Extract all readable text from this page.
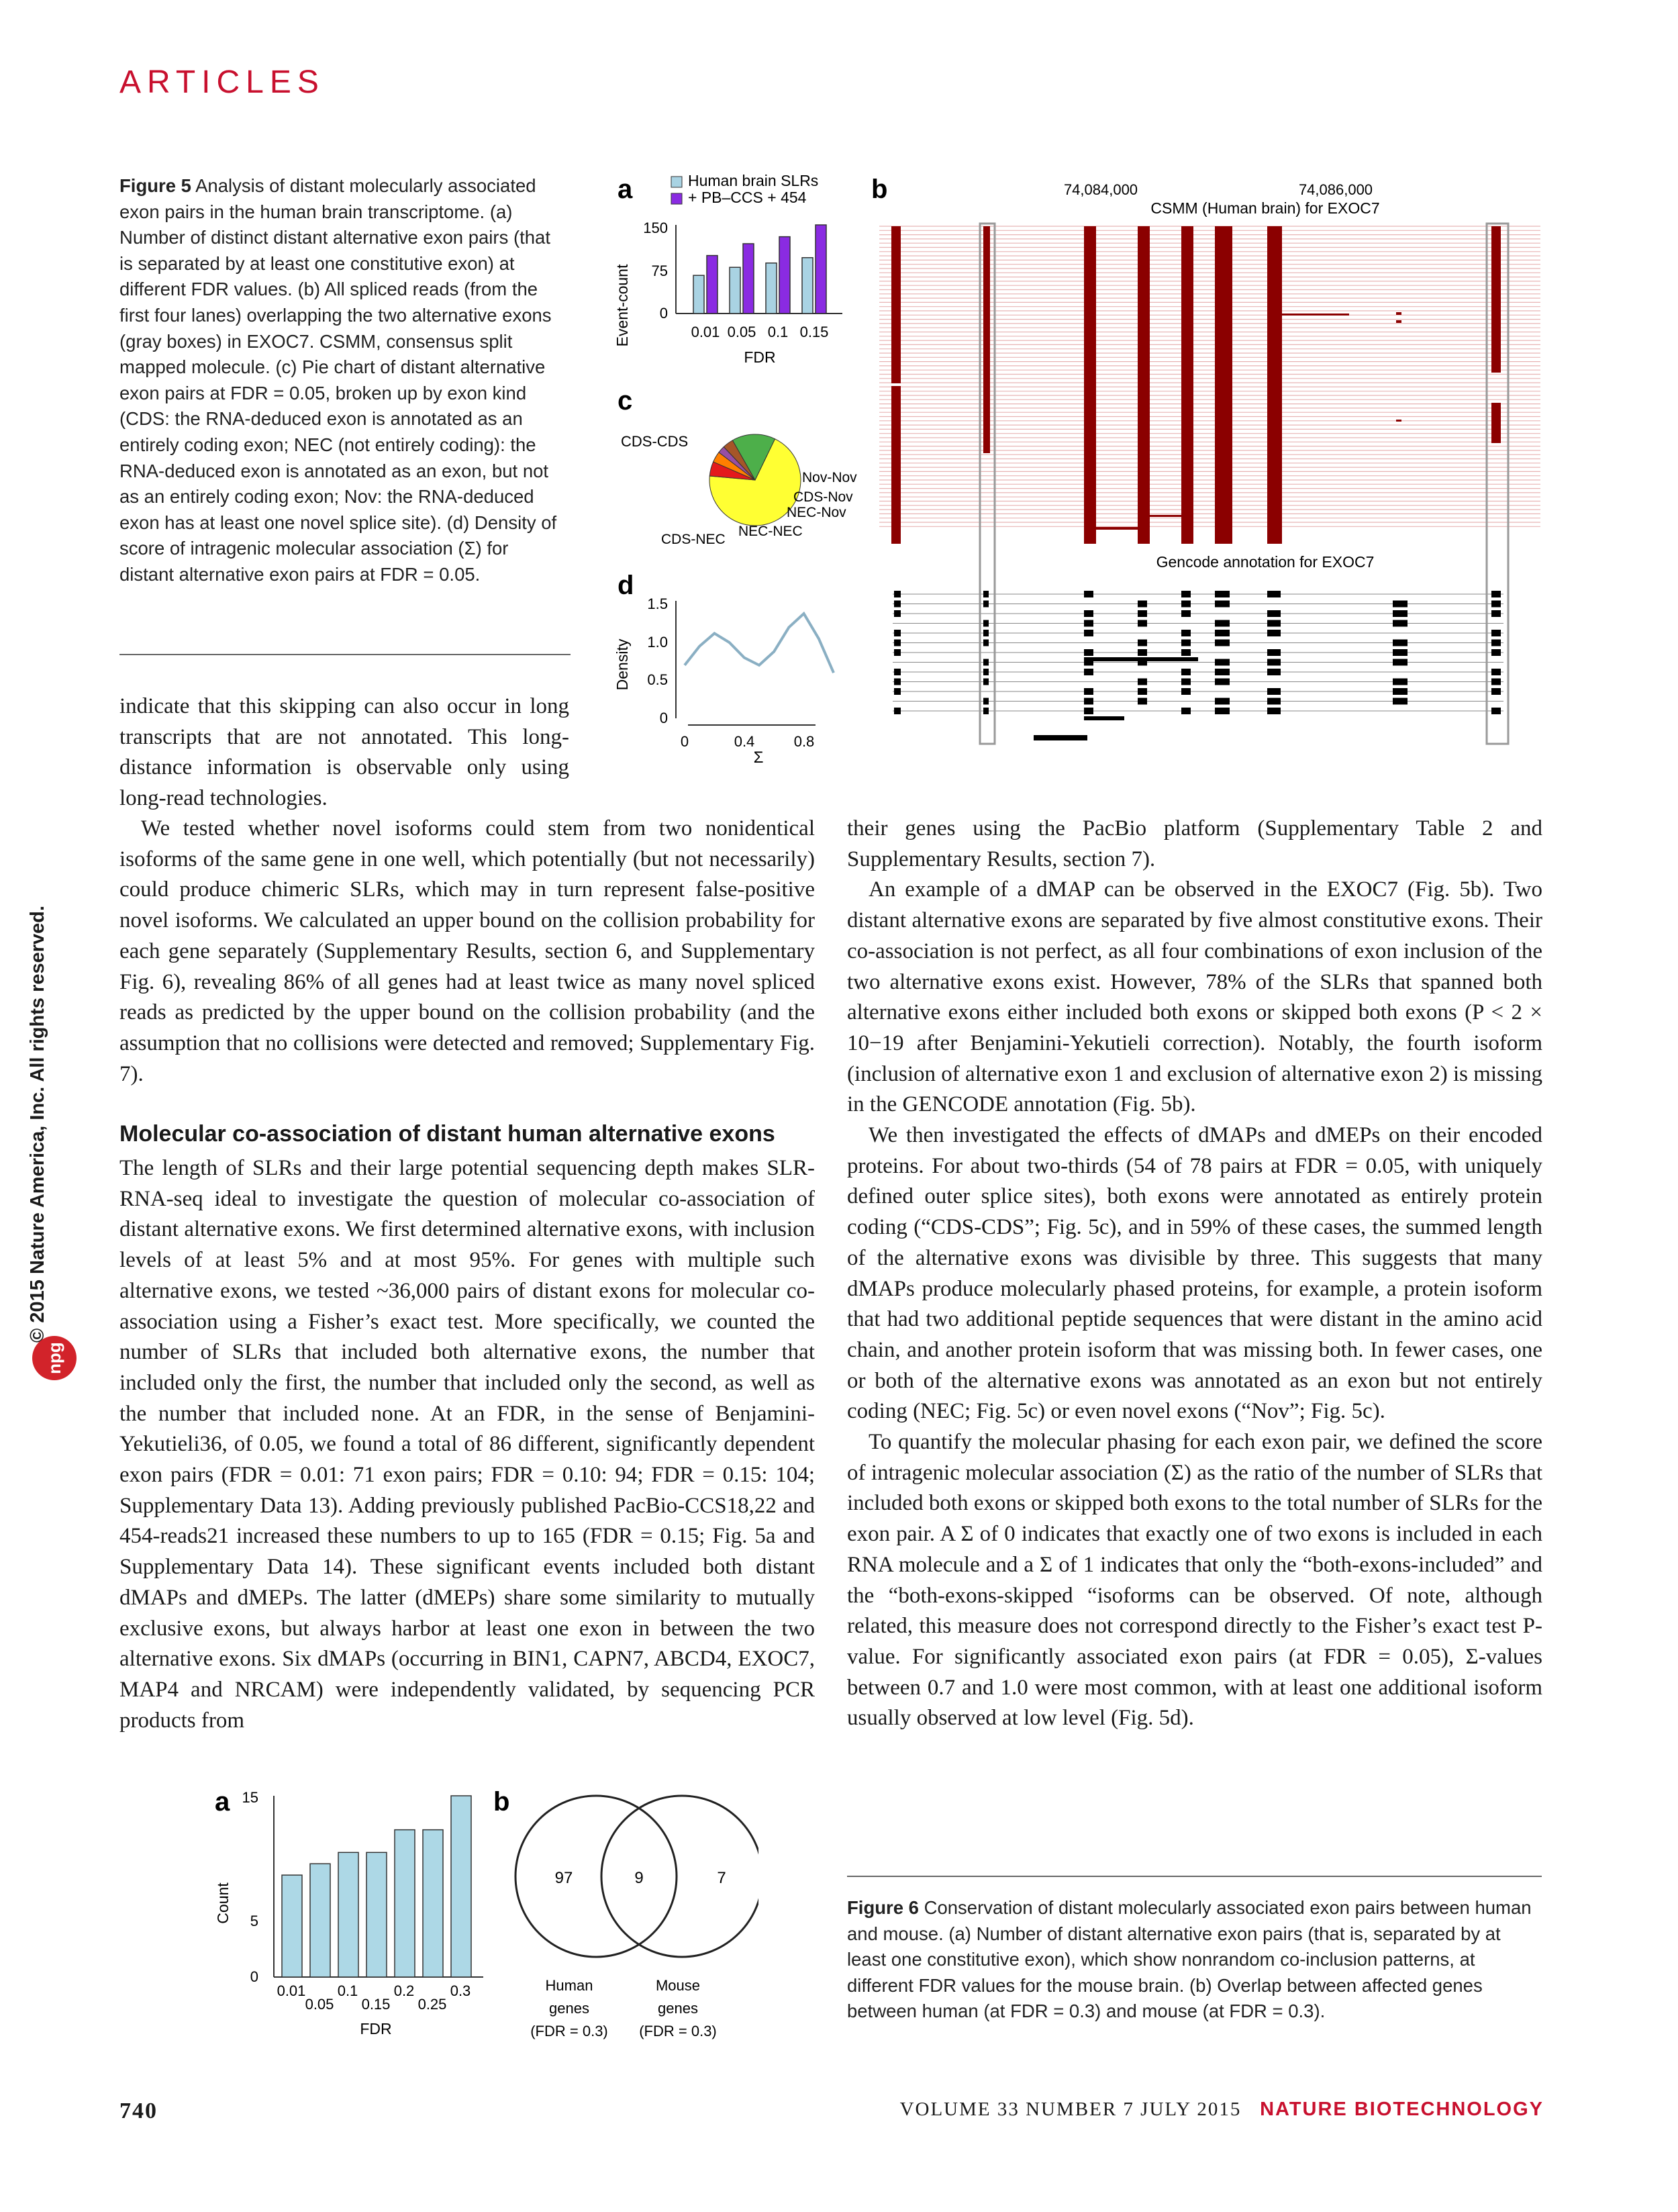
ARTICLES
© 2015 Nature America, Inc. All rights reserved.
npg
Figure 5 Analysis of distant molecularly associated exon pairs in the human brain transcriptome. (a) Number of distinct distant alternative exon pairs (that is separated by at least one constitutive exon) at different FDR values. (b) All spliced reads (from the first four lanes) overlapping the two alternative exons (gray boxes) in EXOC7. CSMM, consensus split mapped molecule. (c) Pie chart of distant alternative exon pairs at FDR = 0.05, broken up by exon kind (CDS: the RNA-deduced exon is annotated as an entirely coding exon; NEC (not entirely coding): the RNA-deduced exon is annotated as an exon, but not as an entirely coding exon; Nov: the RNA-deduced exon has at least one novel splice site). (d) Density of score of intragenic molecular association (Σ) for distant alternative exon pairs at FDR = 0.05.
a	Human brain SLRs
+ PB–CCS + 454
Event-count 0
75
150
0.01 0.05 0.1 0.15
FDR
c
CDS-CDS
Nov-Nov
CDS-Nov
NEC-Nov
NEC-NEC
CDS-NEC
d
Density
0
0.5
1.0
1.5
0	0.4	0.8
Σ
b	74,084,000	74,086,000
CSMM (Human brain) for EXOC7
Gencode annotation for EXOC7

indicate that this skipping can also occur in long transcripts that are not annotated. This long-distance information is observable only using long-read technologies.

We tested whether novel isoforms could stem from two nonidentical isoforms of the same gene in one well, which potentially (but not necessarily) could produce chimeric SLRs, which may in turn represent false-positive novel isoforms. We calculated an upper bound on the collision probability for each gene separately (Supplementary Results, section 6, and Supplementary Fig. 6), revealing 86% of all genes had at least twice as many novel spliced reads as predicted by the upper bound on the collision probability (and the assumption that no collisions were detected and removed; Supplementary Fig. 7).

Molecular co-association of distant human alternative exons

The length of SLRs and their large potential sequencing depth makes SLR-RNA-seq ideal to investigate the question of molecular co-association of distant alternative exons. We first determined alternative exons, with inclusion levels of at least 5% and at most 95%. For genes with multiple such alternative exons, we tested ~36,000 pairs of distant exons for molecular co-association using a Fisher’s exact test. More specifically, we counted the number of SLRs that included both alternative exons, the number that included only the first, the number that included only the second, as well as the number that included none. At an FDR, in the sense of Benjamini-Yekutieli36, of 0.05, we found a total of 86 different, significantly dependent exon pairs (FDR = 0.01: 71 exon pairs; FDR = 0.10: 94; FDR = 0.15: 104; Supplementary Data 13). Adding previously published PacBio-CCS18,22 and 454-reads21 increased these numbers to up to 165 (FDR = 0.15; Fig. 5a and Supplementary Data 14). These significant events included both distant dMAPs and dMEPs. The latter (dMEPs) share some similarity to mutually exclusive exons, but always harbor at least one exon in between the two alternative exons. Six dMAPs (occurring in BIN1, CAPN7, ABCD4, EXOC7, MAP4 and NRCAM) were independently validated, by sequencing PCR products from

their genes using the PacBio platform (Supplementary Table 2 and Supplementary Results, section 7).

An example of a dMAP can be observed in the EXOC7 (Fig. 5b). Two distant alternative exons are separated by five almost constitutive exons. Their co-association is not perfect, as all four combinations of exon inclusion of the two alternative exons exist. However, 78% of the SLRs that spanned both alternative exons either included both exons or skipped both exons (P < 2 × 10−19 after Benjamini-Yekutieli correction). Notably, the fourth isoform (inclusion of alternative exon 1 and exclusion of alternative exon 2) is missing in the GENCODE annotation (Fig. 5b).

We then investigated the effects of dMAPs and dMEPs on their encoded proteins. For about two-thirds (54 of 78 pairs at FDR = 0.05, with uniquely defined outer splice sites), both exons were annotated as entirely protein coding (“CDS-CDS”; Fig. 5c), and in 59% of these cases, the summed length of the alternative exons was divisible by three. This suggests that many dMAPs produce molecularly phased proteins, for example, a protein isoform that had two additional peptide sequences that were distant in the amino acid chain, and another protein isoform that was missing both. In fewer cases, one or both of the alternative exons was annotated as an exon but not entirely coding (NEC; Fig. 5c) or even novel exons (“Nov”; Fig. 5c).

To quantify the molecular phasing for each exon pair, we defined the score of intragenic molecular association (Σ) as the ratio of the number of SLRs that included both exons or skipped both exons to the total number of SLRs for the exon pair. A Σ of 0 indicates that exactly one of two exons is included in each RNA molecule and a Σ of 1 indicates that only the “both-exons-included” and the “both-exons-skipped “isoforms can be observed. Of note, although related, this measure does not correspond directly to the Fisher’s exact test P-value. For significantly associated exon pairs (at FDR = 0.05), Σ-values between 0.7 and 1.0 were most common, with at least one additional isoform usually observed at low level (Fig. 5d).

a
Count
15
5
0
0.01
0.05
0.1
0.15
0.2
0.25
0.3
FDR
b
97	9	7
Human
genes
(FDR = 0.3)
Mouse
genes
(FDR = 0.3)
Figure 6 Conservation of distant molecularly associated exon pairs between human and mouse. (a) Number of distant alternative exon pairs (that is, separated by at least one constitutive exon), which show nonrandom co-inclusion patterns, at different FDR values for the mouse brain. (b) Overlap between affected genes between human (at FDR = 0.3) and mouse (at FDR = 0.3).
740	VOLUME 33 NUMBER 7 JULY 2015 NATURE BIOTECHNOLOGY
